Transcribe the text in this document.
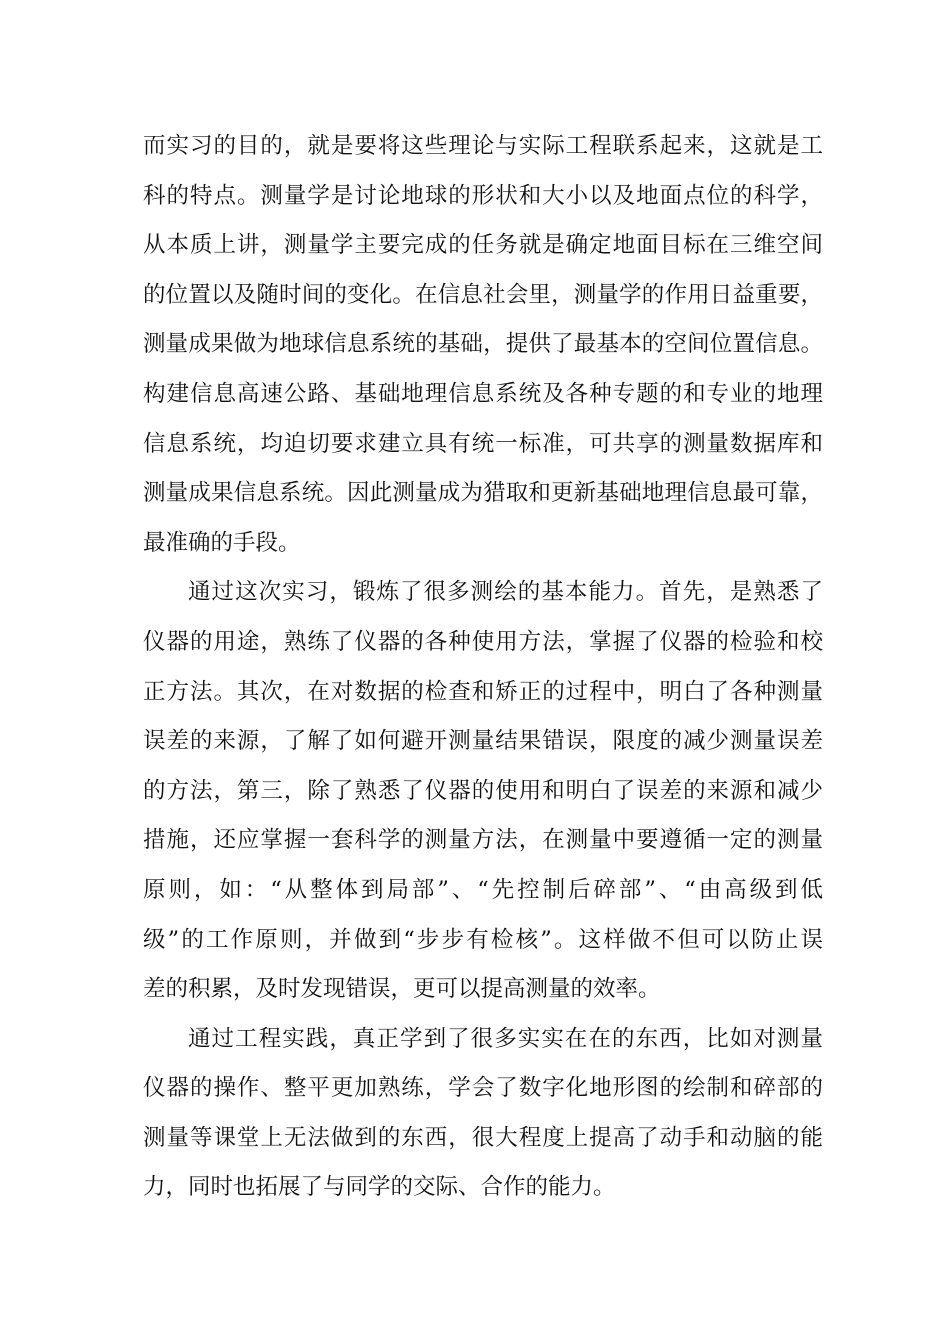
而实习的目的，就是要将这些理论与实际工程联系起来，这就是工
科的特点。测量学是讨论地球的形状和大小以及地面点位的科学，
从本质上讲，测量学主要完成的任务就是确定地面目标在三维空间
的位置以及随时间的变化。在信息社会里，测量学的作用日益重要，
测量成果做为地球信息系统的基础，提供了最基本的空间位置信息。
构建信息高速公路、基础地理信息系统及各种专题的和专业的地理
信息系统，均迫切要求建立具有统一标准，可共享的测量数据库和
测量成果信息系统。因此测量成为猎取和更新基础地理信息最可靠，
最准确的手段。
通过这次实习，锻炼了很多测绘的基本能力。首先，是熟悉了
仪器的用途，熟练了仪器的各种使用方法，掌握了仪器的检验和校
正方法。其次，在对数据的检查和矫正的过程中，明白了各种测量
误差的来源，了解了如何避开测量结果错误，限度的减少测量误差
的方法，第三，除了熟悉了仪器的使用和明白了误差的来源和减少
措施，还应掌握一套科学的测量方法，在测量中要遵循一定的测量
原则，如：“从整体到局部”、“先控制后碎部”、“由高级到低
级”的工作原则，并做到“步步有检核”。这样做不但可以防止误
差的积累，及时发现错误，更可以提高测量的效率。
通过工程实践，真正学到了很多实实在在的东西，比如对测量
仪器的操作、整平更加熟练，学会了数字化地形图的绘制和碎部的
测量等课堂上无法做到的东西，很大程度上提高了动手和动脑的能
力，同时也拓展了与同学的交际、合作的能力。
